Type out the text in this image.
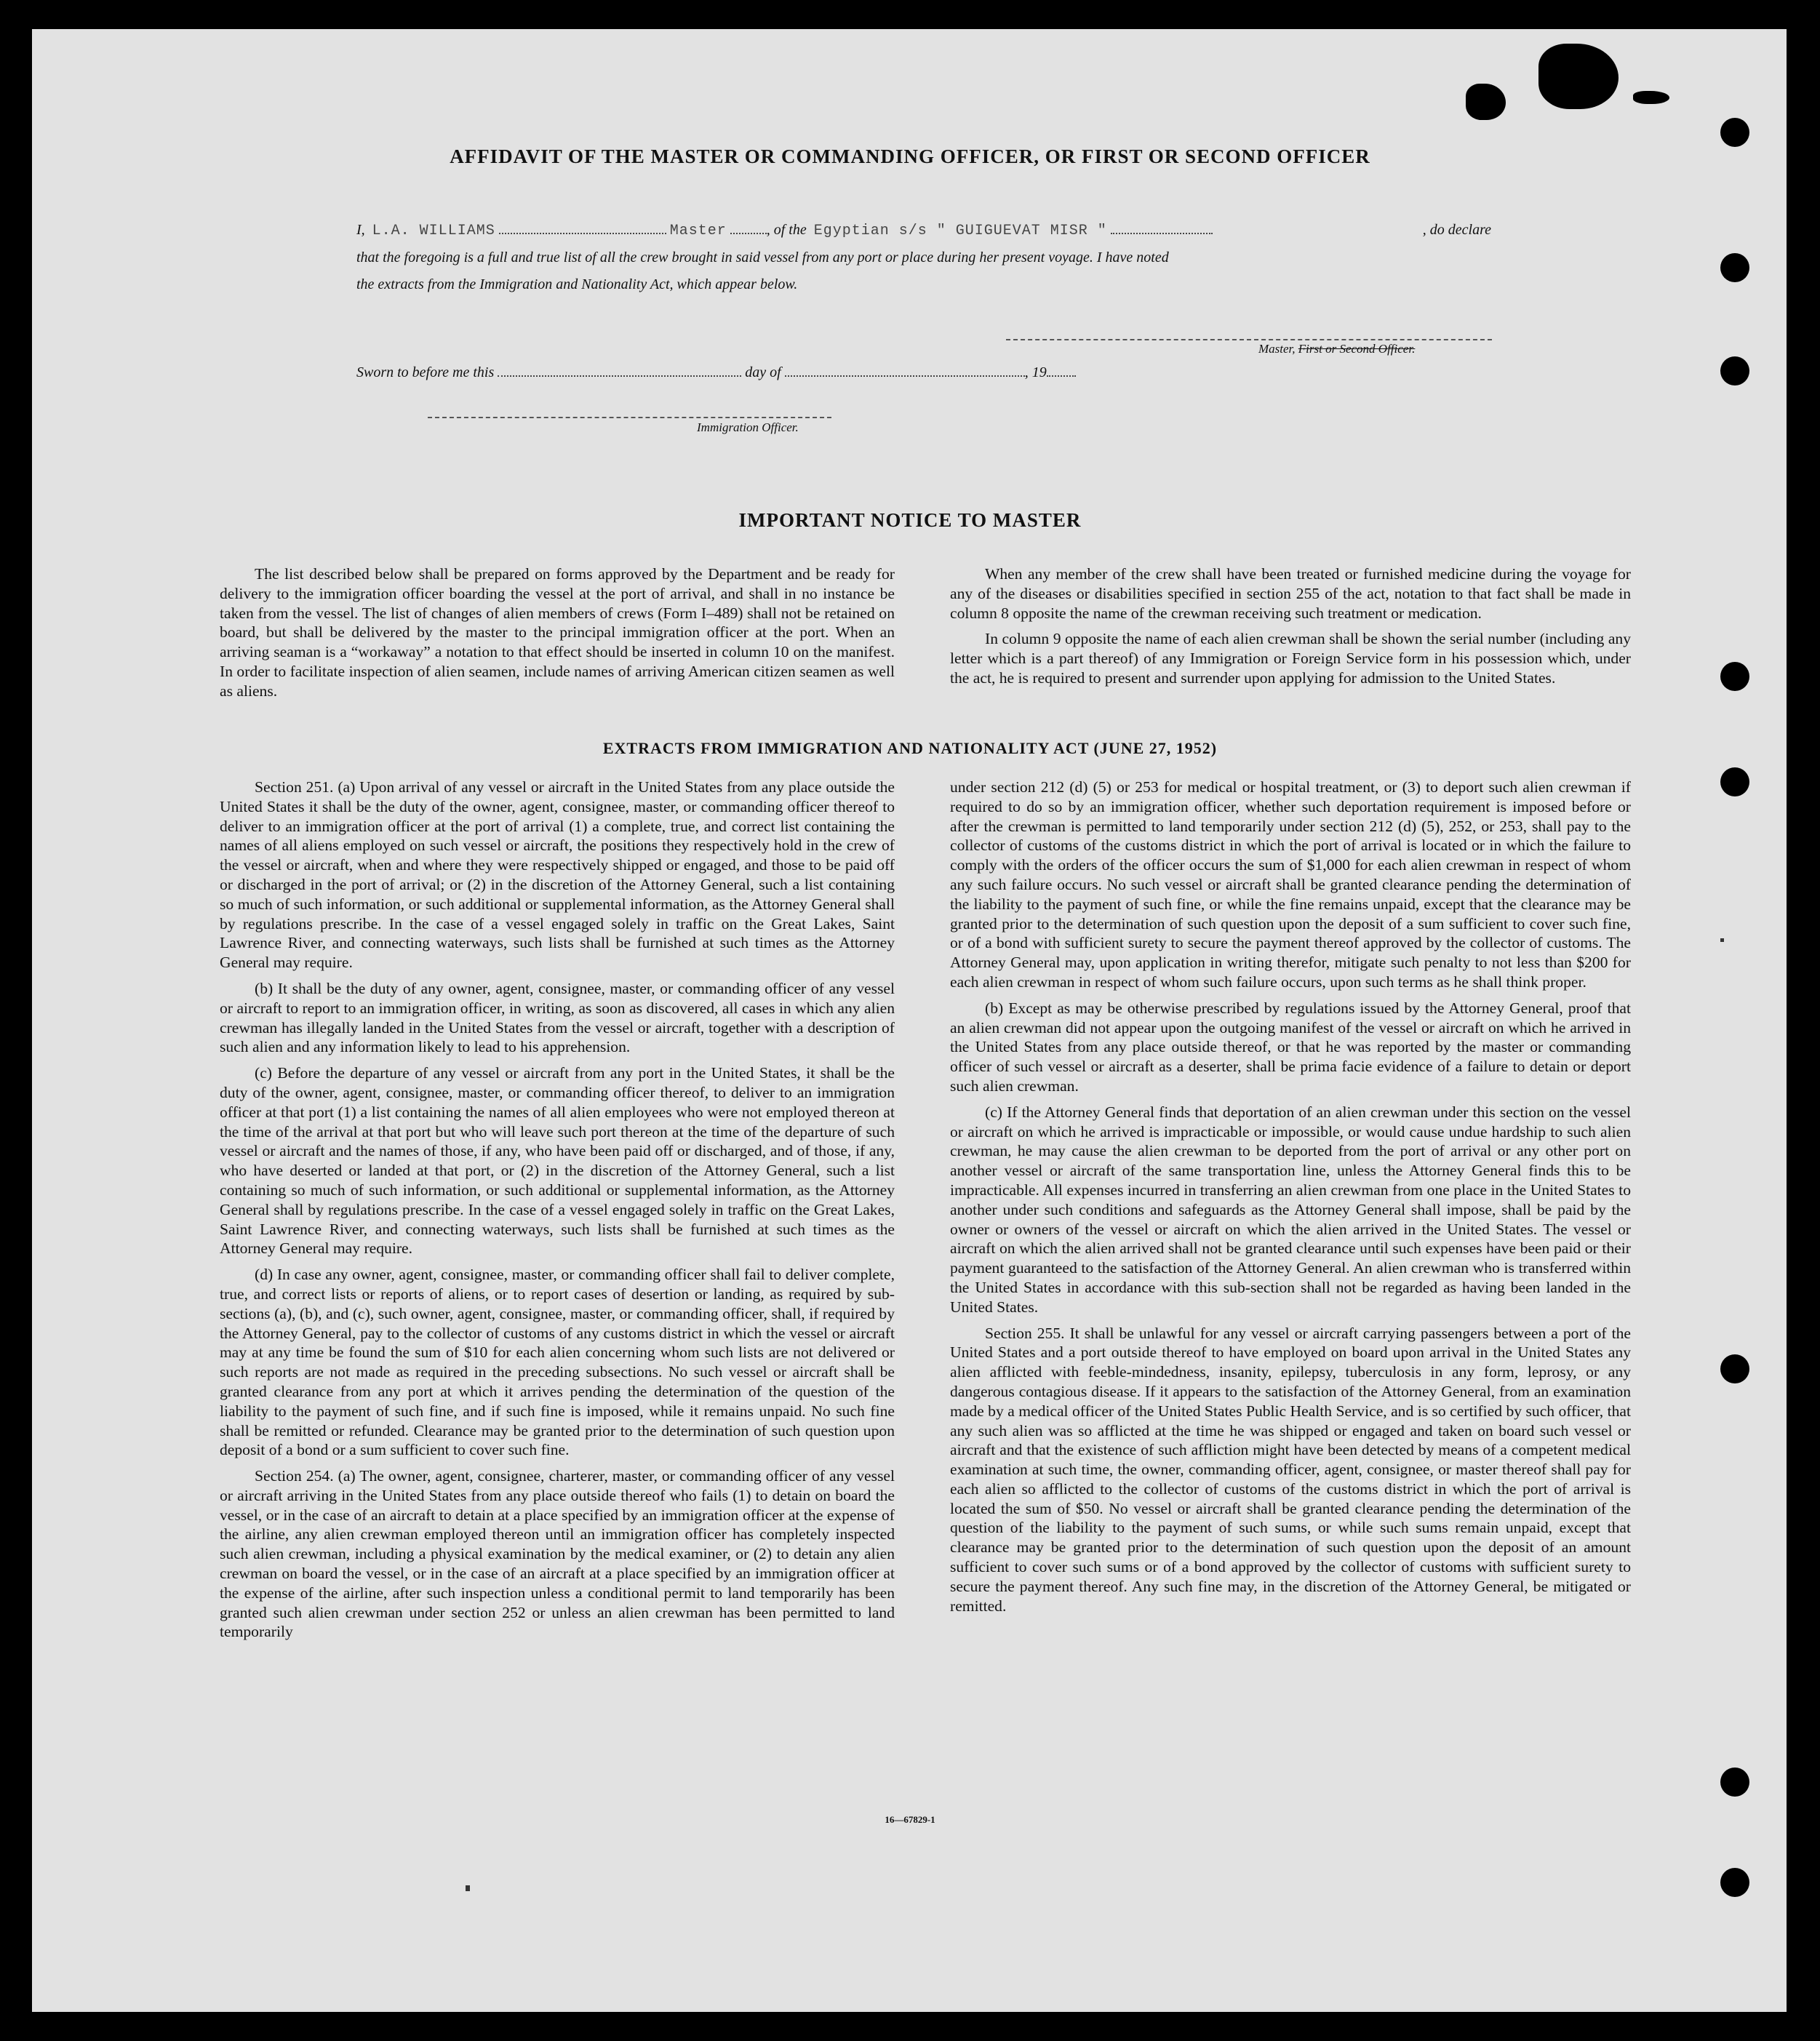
AFFIDAVIT OF THE MASTER OR COMMANDING OFFICER, OR FIRST OR SECOND OFFICER
I, L.A. WILLIAMS	Master	, of the Egyptian s/s " GUIGUEVAT MISR "	, do declare
that the foregoing is a full and true list of all the crew brought in said vessel from any port or place during her present voyage. I have noted
the extracts from the Immigration and Nationality Act, which appear below.
Master, First or Second Officer.
Sworn to before me this	day of	, 19
Immigration Officer.
IMPORTANT NOTICE TO MASTER

The list described below shall be prepared on forms approved by the Department and be ready for delivery to the immigration officer boarding the vessel at the port of arrival, and shall in no instance be taken from the vessel. The list of changes of alien members of crews (Form I–489) shall not be retained on board, but shall be delivered by the master to the principal immigration officer at the port. When an arriving seaman is a “workaway” a notation to that effect should be inserted in column 10 on the manifest. In order to facilitate inspection of alien seamen, include names of arriving American citizen seamen as well as aliens.

When any member of the crew shall have been treated or furnished medicine during the voyage for any of the diseases or disabilities specified in section 255 of the act, notation to that fact shall be made in column 8 opposite the name of the crewman receiving such treatment or medication.

In column 9 opposite the name of each alien crewman shall be shown the serial number (including any letter which is a part thereof) of any Immigration or Foreign Service form in his possession which, under the act, he is required to present and surrender upon applying for admission to the United States.

EXTRACTS FROM IMMIGRATION AND NATIONALITY ACT (JUNE 27, 1952)

Section 251. (a) Upon arrival of any vessel or aircraft in the United States from any place outside the United States it shall be the duty of the owner, agent, consignee, master, or commanding officer thereof to deliver to an immigration officer at the port of arrival (1) a complete, true, and correct list containing the names of all aliens employed on such vessel or aircraft, the positions they respectively hold in the crew of the vessel or aircraft, when and where they were respectively shipped or engaged, and those to be paid off or discharged in the port of arrival; or (2) in the discretion of the Attorney General, such a list containing so much of such information, or such additional or supplemental information, as the Attorney General shall by regulations prescribe. In the case of a vessel engaged solely in traffic on the Great Lakes, Saint Lawrence River, and connecting waterways, such lists shall be furnished at such times as the Attorney General may require.

(b) It shall be the duty of any owner, agent, consignee, master, or commanding officer of any vessel or aircraft to report to an immigration officer, in writing, as soon as discovered, all cases in which any alien crewman has illegally landed in the United States from the vessel or aircraft, together with a description of such alien and any information likely to lead to his apprehension.

(c) Before the departure of any vessel or aircraft from any port in the United States, it shall be the duty of the owner, agent, consignee, master, or commanding officer thereof, to deliver to an immigration officer at that port (1) a list containing the names of all alien employees who were not employed thereon at the time of the arrival at that port but who will leave such port thereon at the time of the departure of such vessel or aircraft and the names of those, if any, who have been paid off or discharged, and of those, if any, who have deserted or landed at that port, or (2) in the discretion of the Attorney General, such a list containing so much of such information, or such additional or supplemental information, as the Attorney General shall by regulations prescribe. In the case of a vessel engaged solely in traffic on the Great Lakes, Saint Lawrence River, and connecting waterways, such lists shall be furnished at such times as the Attorney General may require.

(d) In case any owner, agent, consignee, master, or commanding officer shall fail to deliver complete, true, and correct lists or reports of aliens, or to report cases of desertion or landing, as required by sub-sections (a), (b), and (c), such owner, agent, consignee, master, or commanding officer, shall, if required by the Attorney General, pay to the collector of customs of any customs district in which the vessel or aircraft may at any time be found the sum of $10 for each alien concerning whom such lists are not delivered or such reports are not made as required in the preceding subsections. No such vessel or aircraft shall be granted clearance from any port at which it arrives pending the determination of the question of the liability to the payment of such fine, and if such fine is imposed, while it remains unpaid. No such fine shall be remitted or refunded. Clearance may be granted prior to the determination of such question upon deposit of a bond or a sum sufficient to cover such fine.

Section 254. (a) The owner, agent, consignee, charterer, master, or commanding officer of any vessel or aircraft arriving in the United States from any place outside thereof who fails (1) to detain on board the vessel, or in the case of an aircraft to detain at a place specified by an immigration officer at the expense of the airline, any alien crewman employed thereon until an immigration officer has completely inspected such alien crewman, including a physical examination by the medical examiner, or (2) to detain any alien crewman on board the vessel, or in the case of an aircraft at a place specified by an immigration officer at the expense of the airline, after such inspection unless a conditional permit to land temporarily has been granted such alien crewman under section 252 or unless an alien crewman has been permitted to land temporarily

under section 212 (d) (5) or 253 for medical or hospital treatment, or (3) to deport such alien crewman if required to do so by an immigration officer, whether such deportation requirement is imposed before or after the crewman is permitted to land temporarily under section 212 (d) (5), 252, or 253, shall pay to the collector of customs of the customs district in which the port of arrival is located or in which the failure to comply with the orders of the officer occurs the sum of $1,000 for each alien crewman in respect of whom any such failure occurs. No such vessel or aircraft shall be granted clearance pending the determination of the liability to the payment of such fine, or while the fine remains unpaid, except that the clearance may be granted prior to the determination of such question upon the deposit of a sum sufficient to cover such fine, or of a bond with sufficient surety to secure the payment thereof approved by the collector of customs. The Attorney General may, upon application in writing therefor, mitigate such penalty to not less than $200 for each alien crewman in respect of whom such failure occurs, upon such terms as he shall think proper.

(b) Except as may be otherwise prescribed by regulations issued by the Attorney General, proof that an alien crewman did not appear upon the outgoing manifest of the vessel or aircraft on which he arrived in the United States from any place outside thereof, or that he was reported by the master or commanding officer of such vessel or aircraft as a deserter, shall be prima facie evidence of a failure to detain or deport such alien crewman.

(c) If the Attorney General finds that deportation of an alien crewman under this section on the vessel or aircraft on which he arrived is impracticable or impossible, or would cause undue hardship to such alien crewman, he may cause the alien crewman to be deported from the port of arrival or any other port on another vessel or aircraft of the same transportation line, unless the Attorney General finds this to be impracticable. All expenses incurred in transferring an alien crewman from one place in the United States to another under such conditions and safeguards as the Attorney General shall impose, shall be paid by the owner or owners of the vessel or aircraft on which the alien arrived in the United States. The vessel or aircraft on which the alien arrived shall not be granted clearance until such expenses have been paid or their payment guaranteed to the satisfaction of the Attorney General. An alien crewman who is transferred within the United States in accordance with this sub-section shall not be regarded as having been landed in the United States.

Section 255. It shall be unlawful for any vessel or aircraft carrying passengers between a port of the United States and a port outside thereof to have employed on board upon arrival in the United States any alien afflicted with feeble-mindedness, insanity, epilepsy, tuberculosis in any form, leprosy, or any dangerous contagious disease. If it appears to the satisfaction of the Attorney General, from an examination made by a medical officer of the United States Public Health Service, and is so certified by such officer, that any such alien was so afflicted at the time he was shipped or engaged and taken on board such vessel or aircraft and that the existence of such affliction might have been detected by means of a competent medical examination at such time, the owner, commanding officer, agent, consignee, or master thereof shall pay for each alien so afflicted to the collector of customs of the customs district in which the port of arrival is located the sum of $50. No vessel or aircraft shall be granted clearance pending the determination of the question of the liability to the payment of such sums, or while such sums remain unpaid, except that clearance may be granted prior to the determination of such question upon the deposit of an amount sufficient to cover such sums or of a bond approved by the collector of customs with sufficient surety to secure the payment thereof. Any such fine may, in the discretion of the Attorney General, be mitigated or remitted.

16—67829-1
